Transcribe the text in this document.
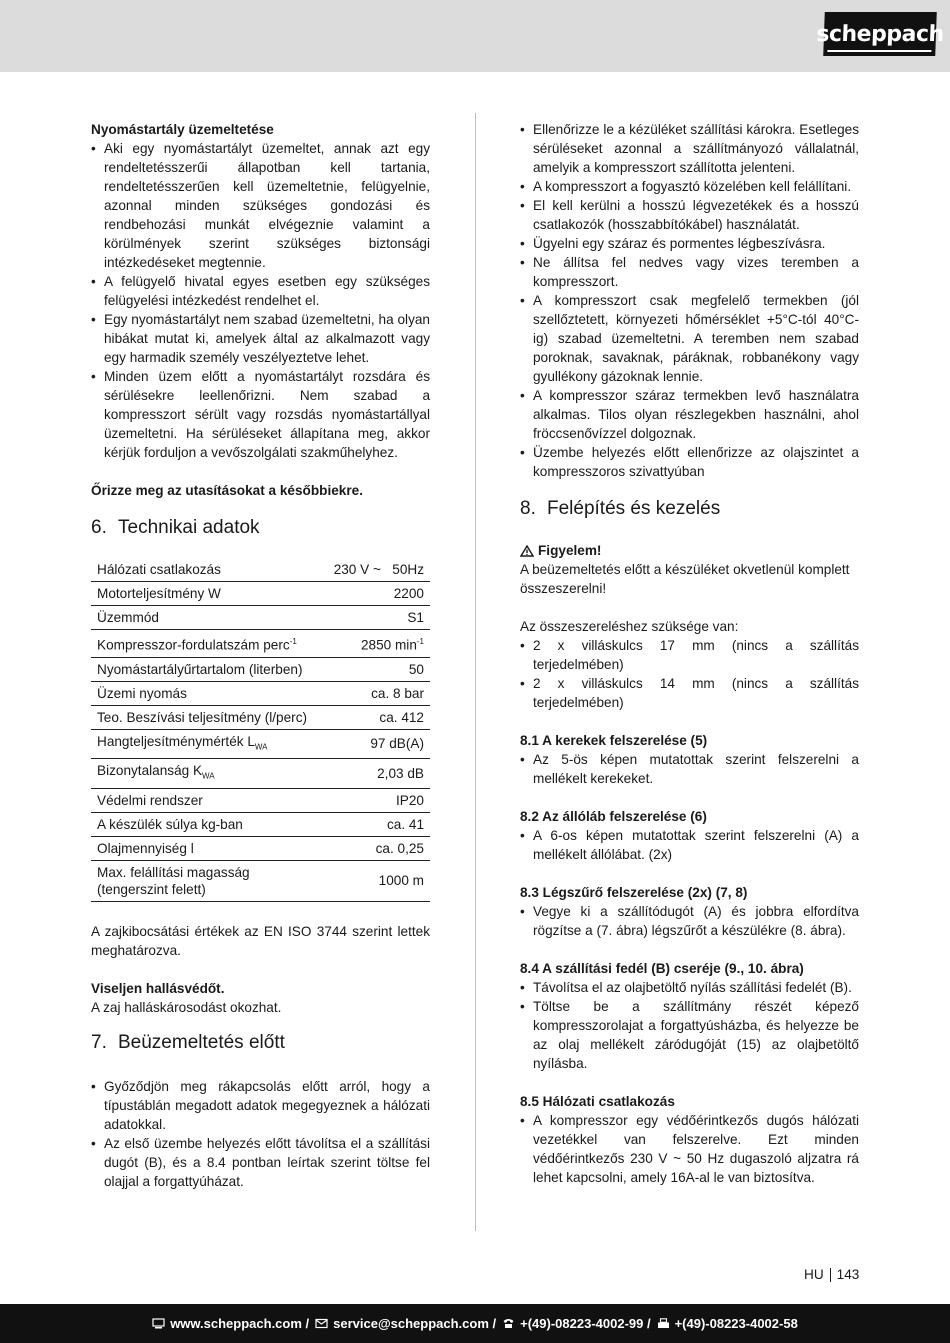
scheppach
Nyomástartály üzemeltetése
• Aki egy nyomástartályt üzemeltet, annak azt egy rendeltetésszerűi állapotban kell tartania, rendeltetésszerűen kell üzemeltetnie, felügyelnie, azonnal minden szükséges gondozási és rendbehozási munkát elvégeznie valamint a körülmények szerint szükséges biztonsági intézkedéseket megtennie.
• A felügyelő hivatal egyes esetben egy szükséges felügyelési intézkedést rendelhet el.
• Egy nyomástartályt nem szabad üzemeltetni, ha olyan hibákat mutat ki, amelyek által az alkalmazott vagy egy harmadik személy veszélyeztetve lehet.
• Minden üzem előtt a nyomástartályt rozsdára és sérülésekre leellenőrizni. Nem szabad a kompresszort sérült vagy rozsdás nyomástartállyal üzemeltetni. Ha sérüléseket állapítana meg, akkor kérjük forduljon a vevőszolgálati szakműhelyhez.
Őrizze meg az utasításokat a későbbiekre.
6. Technikai adatok
Hálózati csatlakozás	230 V ~   50Hz
Motorteljesítmény W	2200
Üzemmód	S1
Kompresszor-fordulatszám perc$^{-1}$	2850 $\min^{-1}$
Nyomástartályűrtartalom (literben)	50
Üzemi nyomás	ca. 8 bar
Teo. Beszívási teljesítmény (l/perc)	ca. 412
Hangteljesítménymérték $L_{WA}$	97 dB(A)
Bizonytalanság $K_{WA}$	2,03 dB
Védelmi rendszer	IP20
A készülék súlya kg-ban	ca. 41
Olajmennyiség l	ca. 0,25
Max. felállítási magasság (tengerszint felett)	1000 m
A zajkibocsátási értékek az EN ISO 3744 szerint lettek meghatározva.
Viseljen hallásvédőt.
A zaj halláskárosodást okozhat.
7. Beüzemeltetés előtt
• Győződjön meg rákapcsolás előtt arról, hogy a típustáblán megadott adatok megegyeznek a hálózati adatokkal.
• Az első üzembe helyezés előtt távolítsa el a szállítási dugót (B), és a 8.4 pontban leírtak szerint töltse fel olajjal a forgattyúházat.
• Ellenőrizze le a kézüléket szállítási károkra. Esetleges sérüléseket azonnal a szállítmányozó vállalatnál, amelyik a kompresszort szállította jelenteni.
• A kompresszort a fogyasztó közelében kell felállítani.
• El kell kerülni a hosszú légvezetékek és a hosszú csatlakozók (hosszabbítókábel) használatát.
• Ügyelni egy száraz és pormentes légbeszívásra.
• Ne állítsa fel nedves vagy vizes teremben a kompresszort.
• A kompresszort csak megfelelő termekben (jól szellőztetett, környezeti hőmérséklet +5°C-tól 40°C-ig) szabad üzemeltetni. A teremben nem szabad poroknak, savaknak, páráknak, robbanékony vagy gyullékony gázoknak lennie.
• A kompresszor száraz termekben levő használatra alkalmas. Tilos olyan részlegekben használni, ahol fröccsenővízzel dolgoznak.
• Üzembe helyezés előtt ellenőrizze az olajszintet a kompresszoros szivattyúban
8. Felépítés és kezelés
Figyelem!
A beüzemeltetés előtt a készüléket okvetlenül komplett összeszerelni!
Az összeszereléshez szüksége van:
• 2 x villáskulcs 17 mm (nincs a szállítás terjedelmében)
• 2 x villáskulcs 14 mm (nincs a szállítás terjedelmében)
8.1 A kerekek felszerelése (5)
• Az 5-ös képen mutatottak szerint felszerelni a mellékelt kerekeket.
8.2 Az állóláb felszerelése (6)
• A 6-os képen mutatottak szerint felszerelni (A) a mellékelt állólábat. (2x)
8.3 Légszűrő felszerelése (2x) (7, 8)
• Vegye ki a szállítódugót (A) és jobbra elfordítva rögzítse a (7. ábra) légszűrőt a készülékre (8. ábra).
8.4 A szállítási fedél (B) cseréje (9., 10. ábra)
• Távolítsa el az olajbetöltő nyílás szállítási fedelét (B).
• Töltse be a szállítmány részét képező kompresszorolajat a forgattyúsházba, és helyezze be az olaj mellékelt záródugóját (15) az olajbetöltő nyílásba.
8.5 Hálózati csatlakozás
• A kompresszor egy védőérintkezős dugós hálózati vezetékkel van felszerelve. Ezt minden védőérintkezős 230 V ~ 50 Hz dugaszoló aljzatra rá lehet kapcsolni, amely 16A-al le van biztosítva.
HU 143
www.scheppach.com / service@scheppach.com / +(49)-08223-4002-99 / +(49)-08223-4002-58
